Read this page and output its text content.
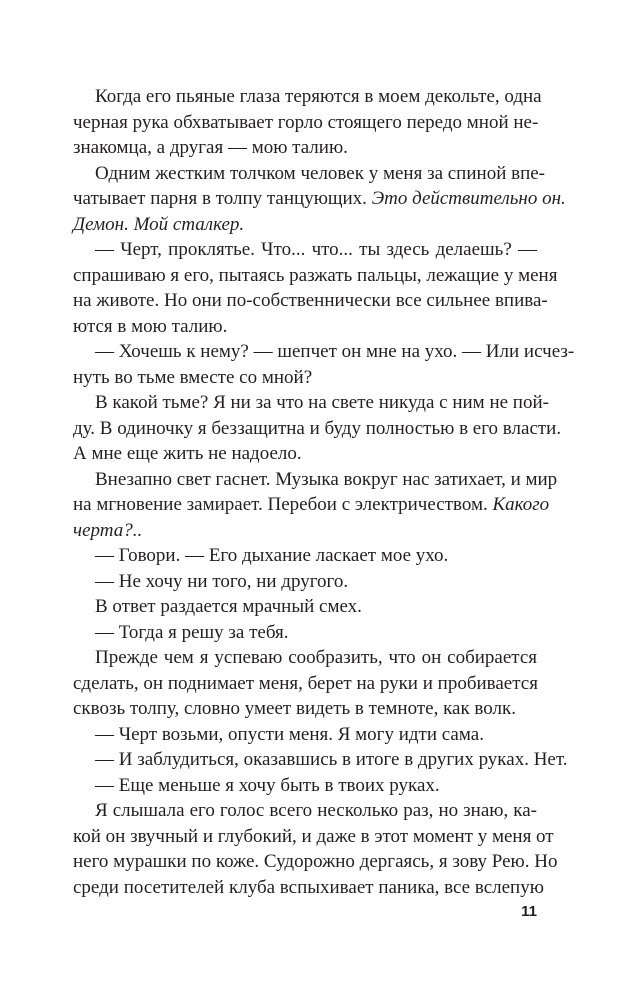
Когда его пьяные глаза теряются в моем декольте, одна
черная рука обхватывает горло стоящего передо мной не-
знакомца, а другая — мою талию.
Одним жестким толчком человек у меня за спиной впе-
чатывает парня в толпу танцующих. Это действительно он.
Демон. Мой сталкер.
— Черт, проклятье. Что... что... ты здесь делаешь? —
спрашиваю я его, пытаясь разжать пальцы, лежащие у меня
на животе. Но они по-собственнически все сильнее впива-
ются в мою талию.
— Хочешь к нему? — шепчет он мне на ухо. — Или исчез-
нуть во тьме вместе со мной?
В какой тьме? Я ни за что на свете никуда с ним не пой-
ду. В одиночку я беззащитна и буду полностью в его власти.
А мне еще жить не надоело.
Внезапно свет гаснет. Музыка вокруг нас затихает, и мир
на мгновение замирает. Перебои с электричеством. Какого
черта?..
— Говори. — Его дыхание ласкает мое ухо.
— Не хочу ни того, ни другого.
В ответ раздается мрачный смех.
— Тогда я решу за тебя.
Прежде чем я успеваю сообразить, что он собирается
сделать, он поднимает меня, берет на руки и пробивается
сквозь толпу, словно умеет видеть в темноте, как волк.
— Черт возьми, опусти меня. Я могу идти сама.
— И заблудиться, оказавшись в итоге в других руках. Нет.
— Еще меньше я хочу быть в твоих руках.
Я слышала его голос всего несколько раз, но знаю, ка-
кой он звучный и глубокий, и даже в этот момент у меня от
него мурашки по коже. Судорожно дергаясь, я зову Рею. Но
среди посетителей клуба вспыхивает паника, все вслепую
11
